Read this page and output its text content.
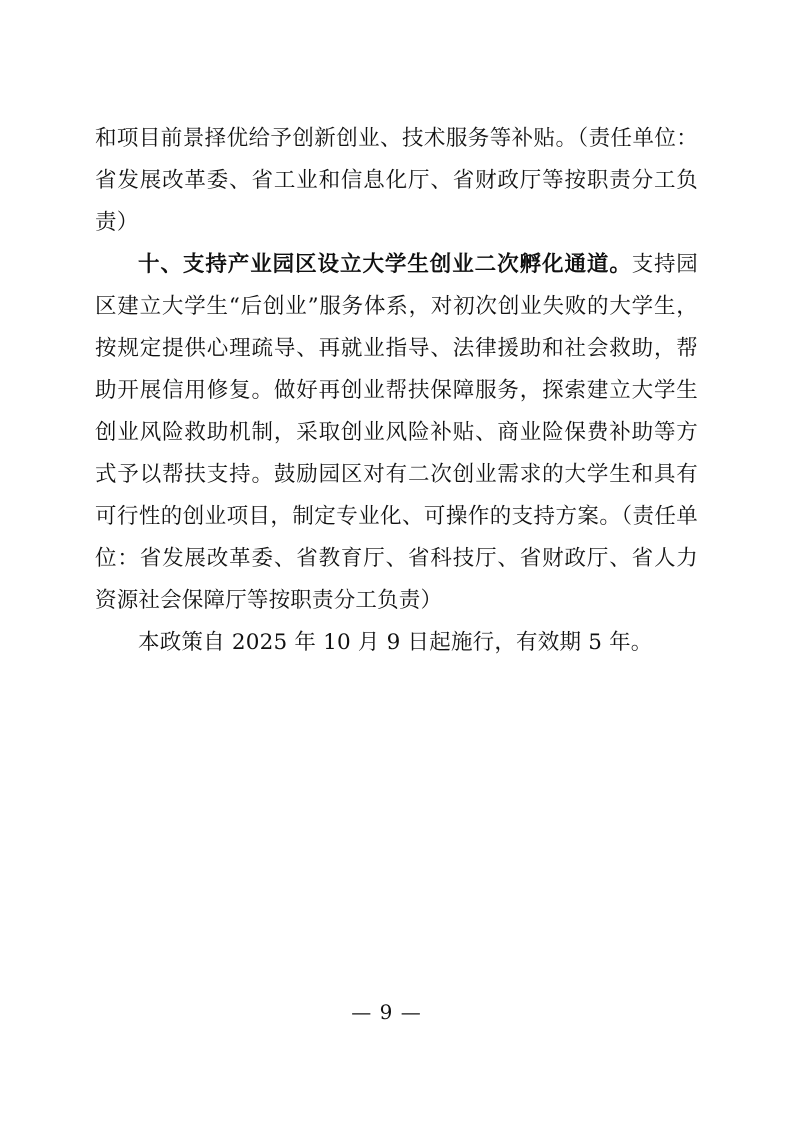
和项目前景择优给予创新创业、技术服务等补贴。（责任单位：省发展改革委、省工业和信息化厅、省财政厅等按职责分工负责）

十、支持产业园区设立大学生创业二次孵化通道。支持园区建立大学生“后创业”服务体系，对初次创业失败的大学生，按规定提供心理疏导、再就业指导、法律援助和社会救助，帮助开展信用修复。做好再创业帮扶保障服务，探索建立大学生创业风险救助机制，采取创业风险补贴、商业险保费补助等方式予以帮扶支持。鼓励园区对有二次创业需求的大学生和具有可行性的创业项目，制定专业化、可操作的支持方案。（责任单位：省发展改革委、省教育厅、省科技厅、省财政厅、省人力资源社会保障厅等按职责分工负责）

本政策自 2025 年 10 月 9 日起施行，有效期 5 年。

— 9 —
